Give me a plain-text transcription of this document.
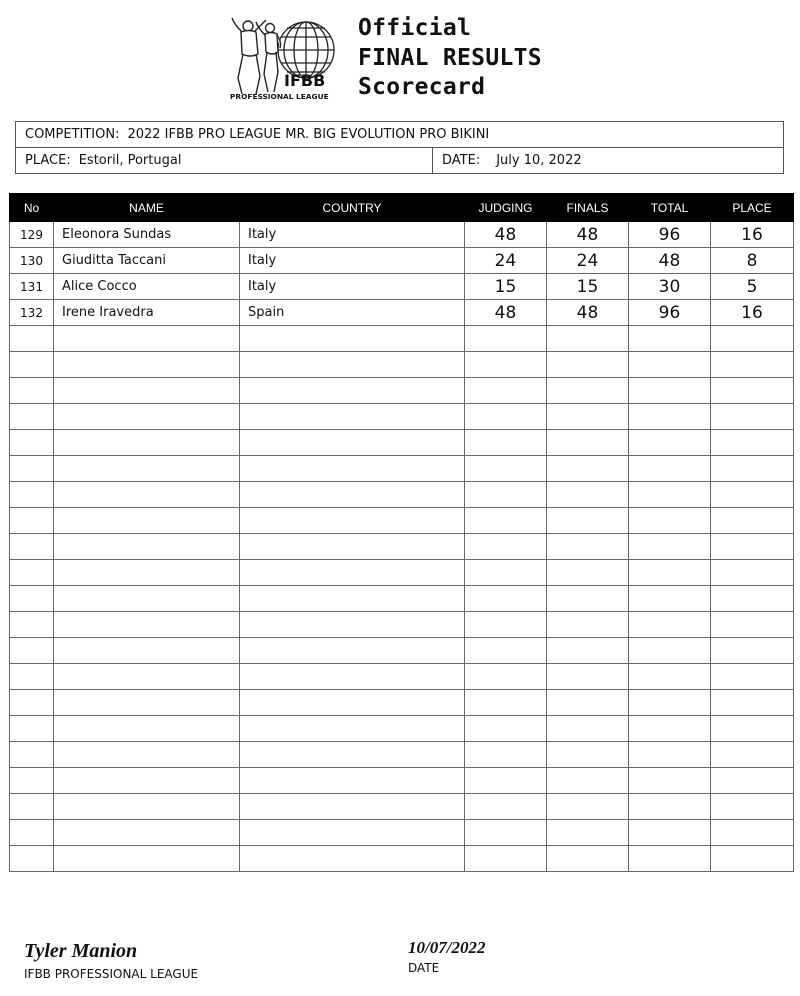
IFBB
PROFESSIONAL LEAGUE
Official
FINAL RESULTS
Scorecard
COMPETITION: 2022 IFBB PRO LEAGUE MR. BIG EVOLUTION PRO BIKINI
PLACE: Estoril, Portugal	DATE: July 10, 2022
No	NAME	COUNTRY	JUDGING	FINALS	TOTAL	PLACE
129	Eleonora Sundas	Italy	48	48	96	16
130	Giuditta Taccani	Italy	24	24	48	8
131	Alice Cocco	Italy	15	15	30	5
132	Irene Iravedra	Spain	48	48	96	16

Tyler Manion
IFBB PROFESSIONAL LEAGUE
10/07/2022
DATE
